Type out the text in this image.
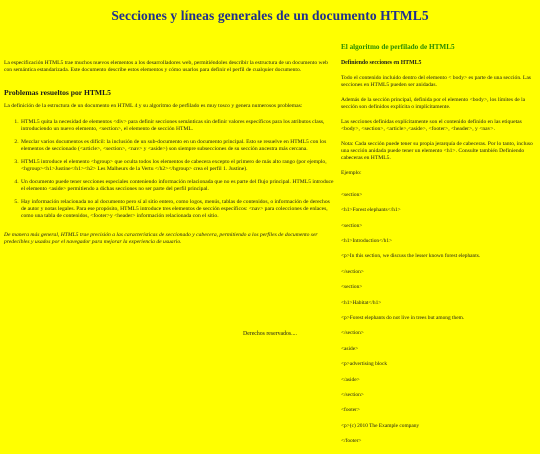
Secciones y líneas generales de un documento HTML5

La especificación HTML5 trae muchos nuevos elementos a los desarrolladores web, permitiéndoles describir la estructura de un documento web con semántica estandarizada. Este documento describe estos elementos y cómo usarlos para definir el perfil de cualquier documento.

Problemas resueltos por HTML5

La definición de la estructura de un documento en HTML 4 y su algoritmo de perfilado es muy tosco y genera numerosos problemas:

1. HTML5 quita la necesidad de elementos <div> para definir secciones semánticas sin definir valores específicos para los atributos class, introduciendo un nuevo elemento, <section>, el elemento de sección HTML.
2. Mezclar varios documentos es difícil: la inclusión de un sub-documento en un documento principal. Esto se resuelve en HTML5 con los elementos de seccionado (<article>, <section>, <nav> y <aside>) son siempre subsecciones de su sección ancestra más cercana.
3. HTML5 introduce el elemento <hgroup> que oculta todos los elementos de cabecera excepto el primero de más alto rango (por ejemplo, <hgroup><h1>Justine</h1><h2> Les Malheurs de la Vertu </h2></hgroup> crea el perfil 1. Justine).
4. Un documento puede tener secciones especiales conteniendo información relacionada que no es parte del flujo principal. HTML5 introduce el elemento <aside> permitiendo a dichas secciones no ser parte del perfil principal.
5. Hay información relacionada no al documento pero sí al sitio entero, como logos, menús, tablas de contenidos, o información de derechos de autor y notas legales. Para ese propósito, HTML5 introduce tres elementos de sección específicos: <nav> para colecciones de enlaces, como una tabla de contenidos, <footer>y <header> información relacionada con el sitio.

De manera más general, HTML5 trae precisión a las características de seccionado y cabecera, permitiendo a los perfiles de documento ser predecibles y usados por el navegador para mejorar la experiencia de usuario.

Derechos reservados....
El algoritmo de perfilado de HTML5
Definiendo secciones en HTML5

Todo el contenido incluido dentro del elemento < body> es parte de una sección. Las secciones en HTML5 pueden ser anidadas.

Además de la sección principal, definida por el elemento <body>, los límites de la sección son definidos explícita o implícitamente.

Las secciones definidas explícitamente son el contenido definido en las etiquetas <body>, <section>, <article>,<aside>, <footer>, <header>, y <nav>.

Nota: Cada sección puede tener su propia jerarquía de cabeceras. Por lo tanto, incluso una sección anidada puede tener un elemento <h1>. Consulte también Definiendo cabeceras en HTML5.

Ejemplo:

<section>

<h1>Forest elephants</h1>

<section>

<h1>Introduction</h1>

<p>In this section, we discuss the lesser known forest elephants.

</section>

<section>

<h1>Habitat</h1>

<p>Forest elephants do not live in trees but among them.

</section>

<aside>

<p>advertising block

</aside>

</section>

<footer>

<p>(c) 2010 The Example company

</footer>
